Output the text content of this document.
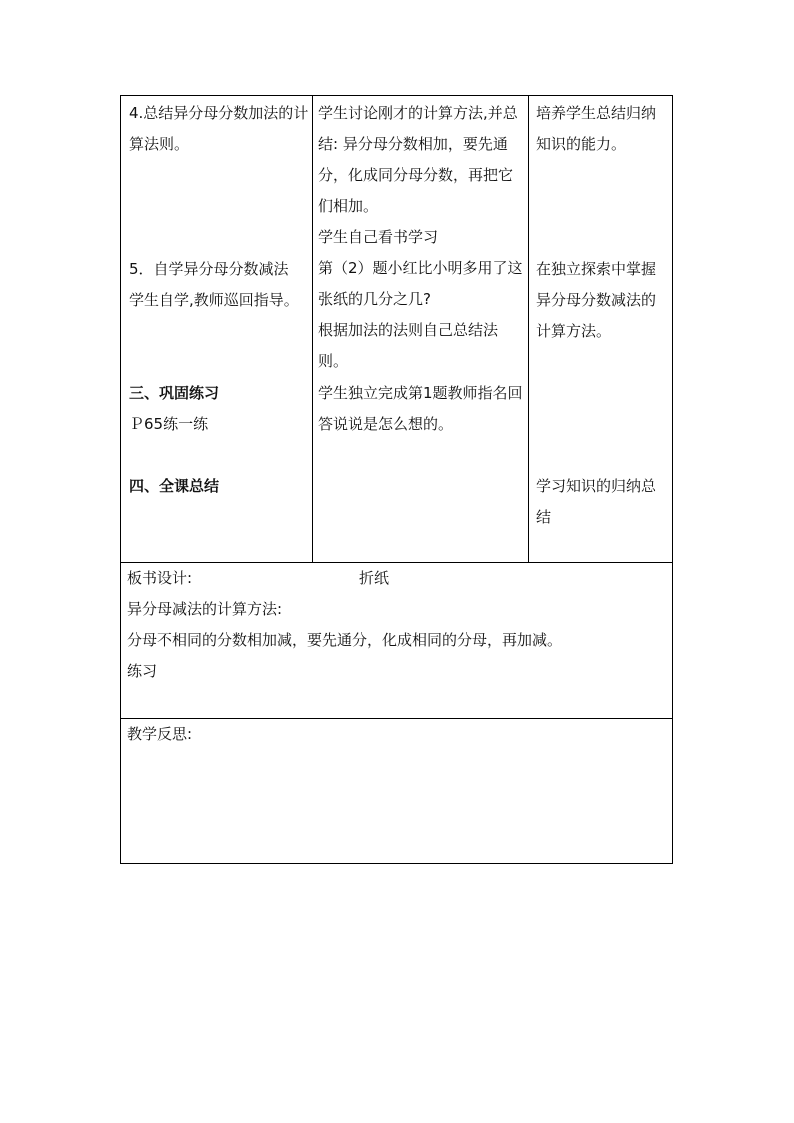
4.总结异分母分数加法的计算法则。

5．自学异分母分数减法

学生自学,教师巡回指导。

三、巩固练习

Ｐ65练一练

四、全课总结

学生讨论刚才的计算方法,并总结: 异分母分数相加，要先通分，化成同分母分数，再把它们相加。

学生自己看书学习

第（2）题小红比小明多用了这张纸的几分之几?

根据加法的法则自己总结法则。

学生独立完成第1题教师指名回答说说是怎么想的。

培养学生总结归纳知识的能力。

在独立探索中掌握异分母分数减法的计算方法。

学习知识的归纳总结

板书设计:	折纸

异分母减法的计算方法:

分母不相同的分数相加减，要先通分，化成相同的分母，再加减。

练习

教学反思:
